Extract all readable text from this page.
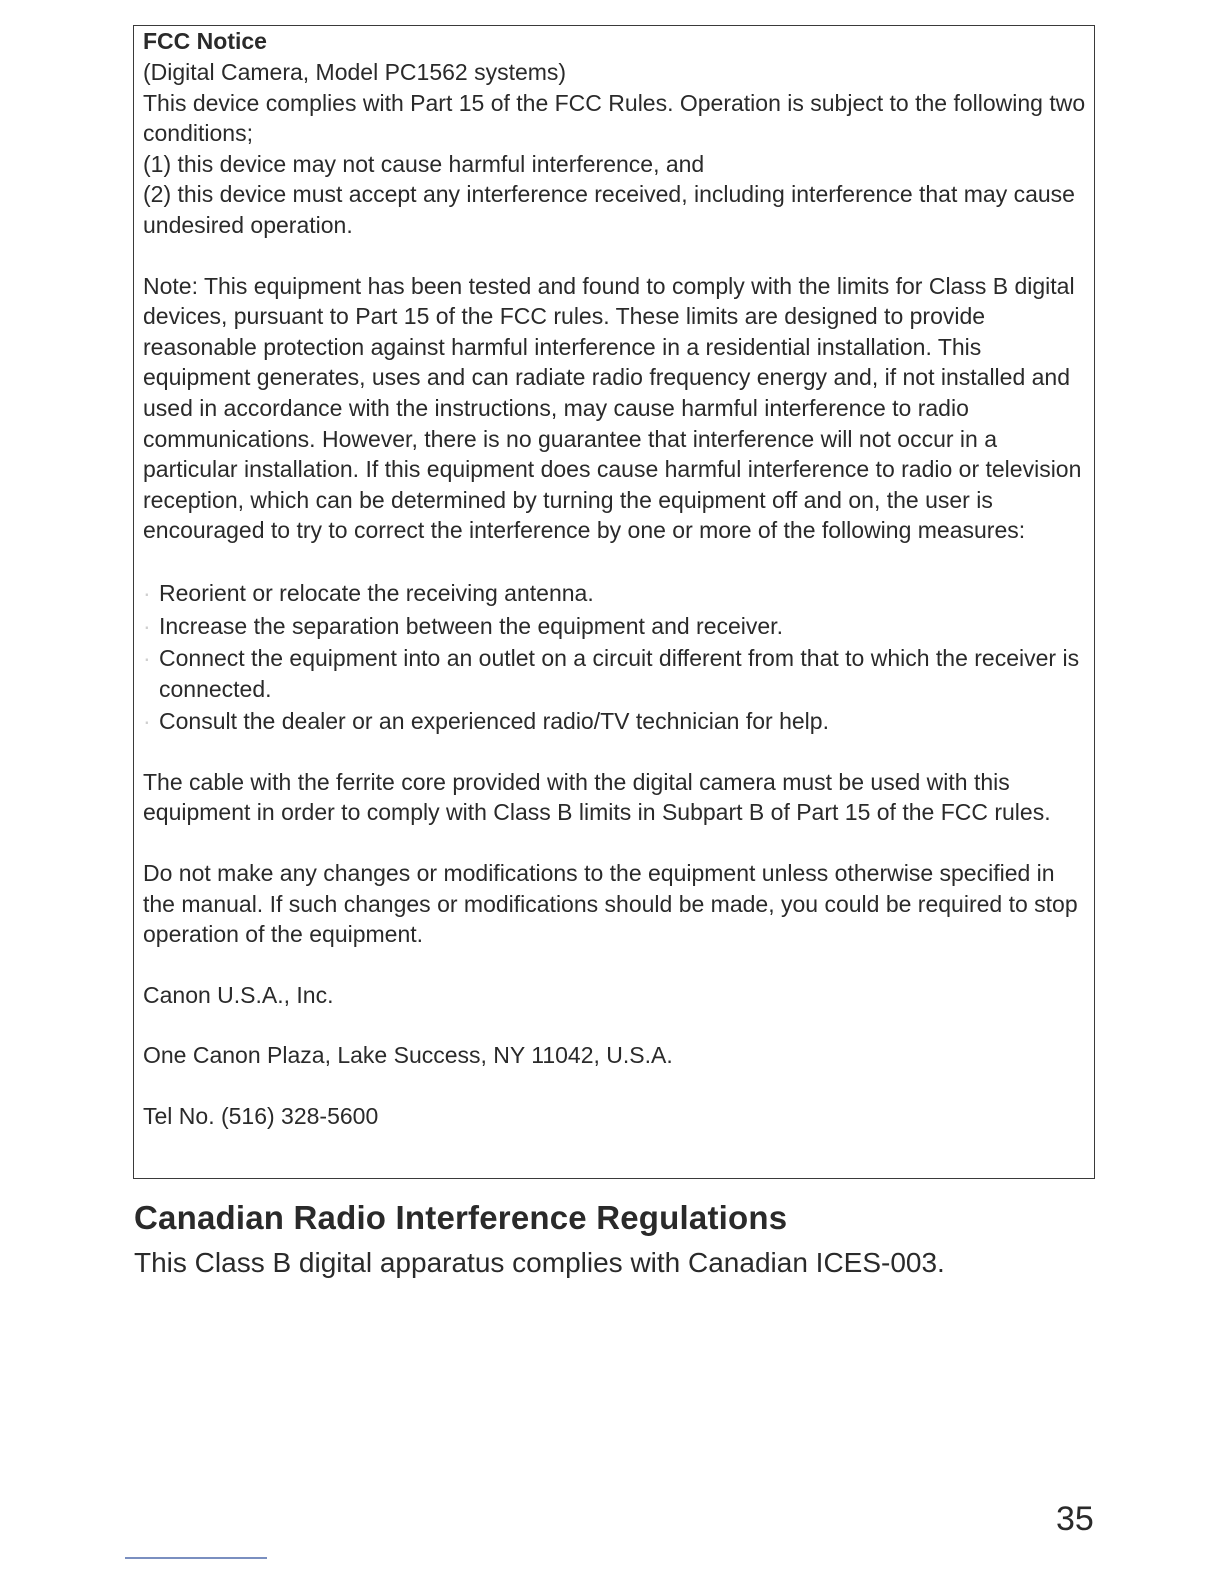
FCC Notice

(Digital Camera, Model PC1562 systems)

This device complies with Part 15 of the FCC Rules. Operation is subject to the following two conditions;

(1) this device may not cause harmful interference, and

(2) this device must accept any interference received, including interference that may cause undesired operation.

Note: This equipment has been tested and found to comply with the limits for Class B digital devices, pursuant to Part 15 of the FCC rules. These limits are designed to provide reasonable protection against harmful interference in a residential installation. This equipment generates, uses and can radiate radio frequency energy and, if not installed and used in accordance with the instructions, may cause harmful interference to radio communications. However, there is no guarantee that interference will not occur in a particular installation. If this equipment does cause harmful interference to radio or television reception, which can be determined by turning the equipment off and on, the user is encouraged to try to correct the interference by one or more of the following measures:

· Reorient or relocate the receiving antenna.
· Increase the separation between the equipment and receiver.
· Connect the equipment into an outlet on a circuit different from that to which the receiver is connected.
· Consult the dealer or an experienced radio/TV technician for help.

The cable with the ferrite core provided with the digital camera must be used with this equipment in order to comply with Class B limits in Subpart B of Part 15 of the FCC rules.

Do not make any changes or modifications to the equipment unless otherwise specified in the manual. If such changes or modifications should be made, you could be required to stop operation of the equipment.

Canon U.S.A., Inc.

One Canon Plaza, Lake Success, NY 11042, U.S.A.

Tel No. (516) 328-5600

Canadian Radio Interference Regulations

This Class B digital apparatus complies with Canadian ICES-003.

35
